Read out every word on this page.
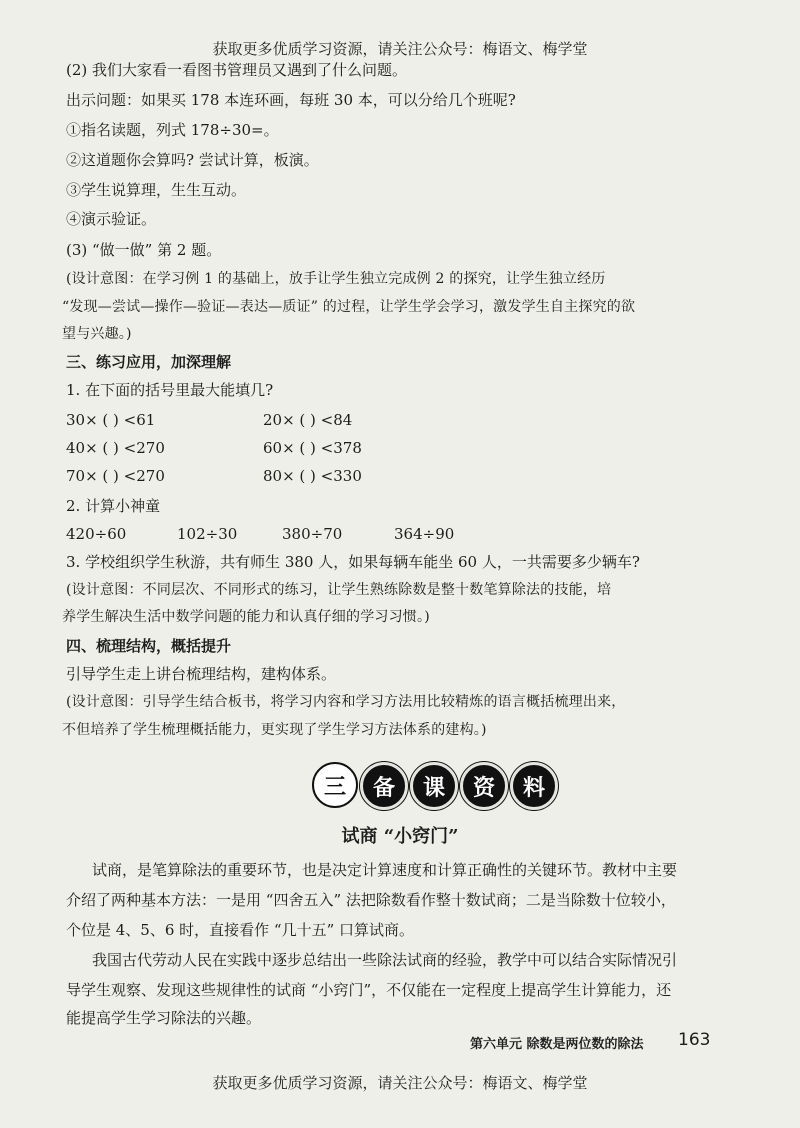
获取更多优质学习资源，请关注公众号：梅语文、梅学堂
(2) 我们大家看一看图书管理员又遇到了什么问题。
出示问题：如果买 178 本连环画，每班 30 本，可以分给几个班呢?
①指名读题，列式 178÷30=。
②这道题你会算吗? 尝试计算，板演。
③学生说算理，生生互动。
④演示验证。
(3) “做一做” 第 2 题。
(设计意图：在学习例 1 的基础上，放手让学生独立完成例 2 的探究，让学生独立经历
“发现—尝试—操作—验证—表达—质证” 的过程，让学生学会学习，激发学生自主探究的欲
望与兴趣。)
三、练习应用，加深理解
1. 在下面的括号里最大能填几?
30× ( ) <61	20× ( ) <84
40× ( ) <270	60× ( ) <378
70× ( ) <270	80× ( ) <330
2. 计算小神童
420÷60	102÷30	380÷70	364÷90
3. 学校组织学生秋游，共有师生 380 人，如果每辆车能坐 60 人，一共需要多少辆车?
(设计意图：不同层次、不同形式的练习，让学生熟练除数是整十数笔算除法的技能，培
养学生解决生活中数学问题的能力和认真仔细的学习习惯。)
四、梳理结构，概括提升
引导学生走上讲台梳理结构，建构体系。
(设计意图：引导学生结合板书，将学习内容和学习方法用比较精炼的语言概括梳理出来，
不但培养了学生梳理概括能力，更实现了学生学习方法体系的建构。)
三	备	课	资	料
试商 “小窍门”
试商，是笔算除法的重要环节，也是决定计算速度和计算正确性的关键环节。教材中主要
介绍了两种基本方法：一是用 “四舍五入” 法把除数看作整十数试商；二是当除数十位较小，
个位是 4、5、6 时，直接看作 “几十五” 口算试商。
我国古代劳动人民在实践中逐步总结出一些除法试商的经验，教学中可以结合实际情况引
导学生观察、发现这些规律性的试商 “小窍门”，不仅能在一定程度上提高学生计算能力，还
能提高学生学习除法的兴趣。
第六单元 除数是两位数的除法 163
获取更多优质学习资源，请关注公众号：梅语文、梅学堂
